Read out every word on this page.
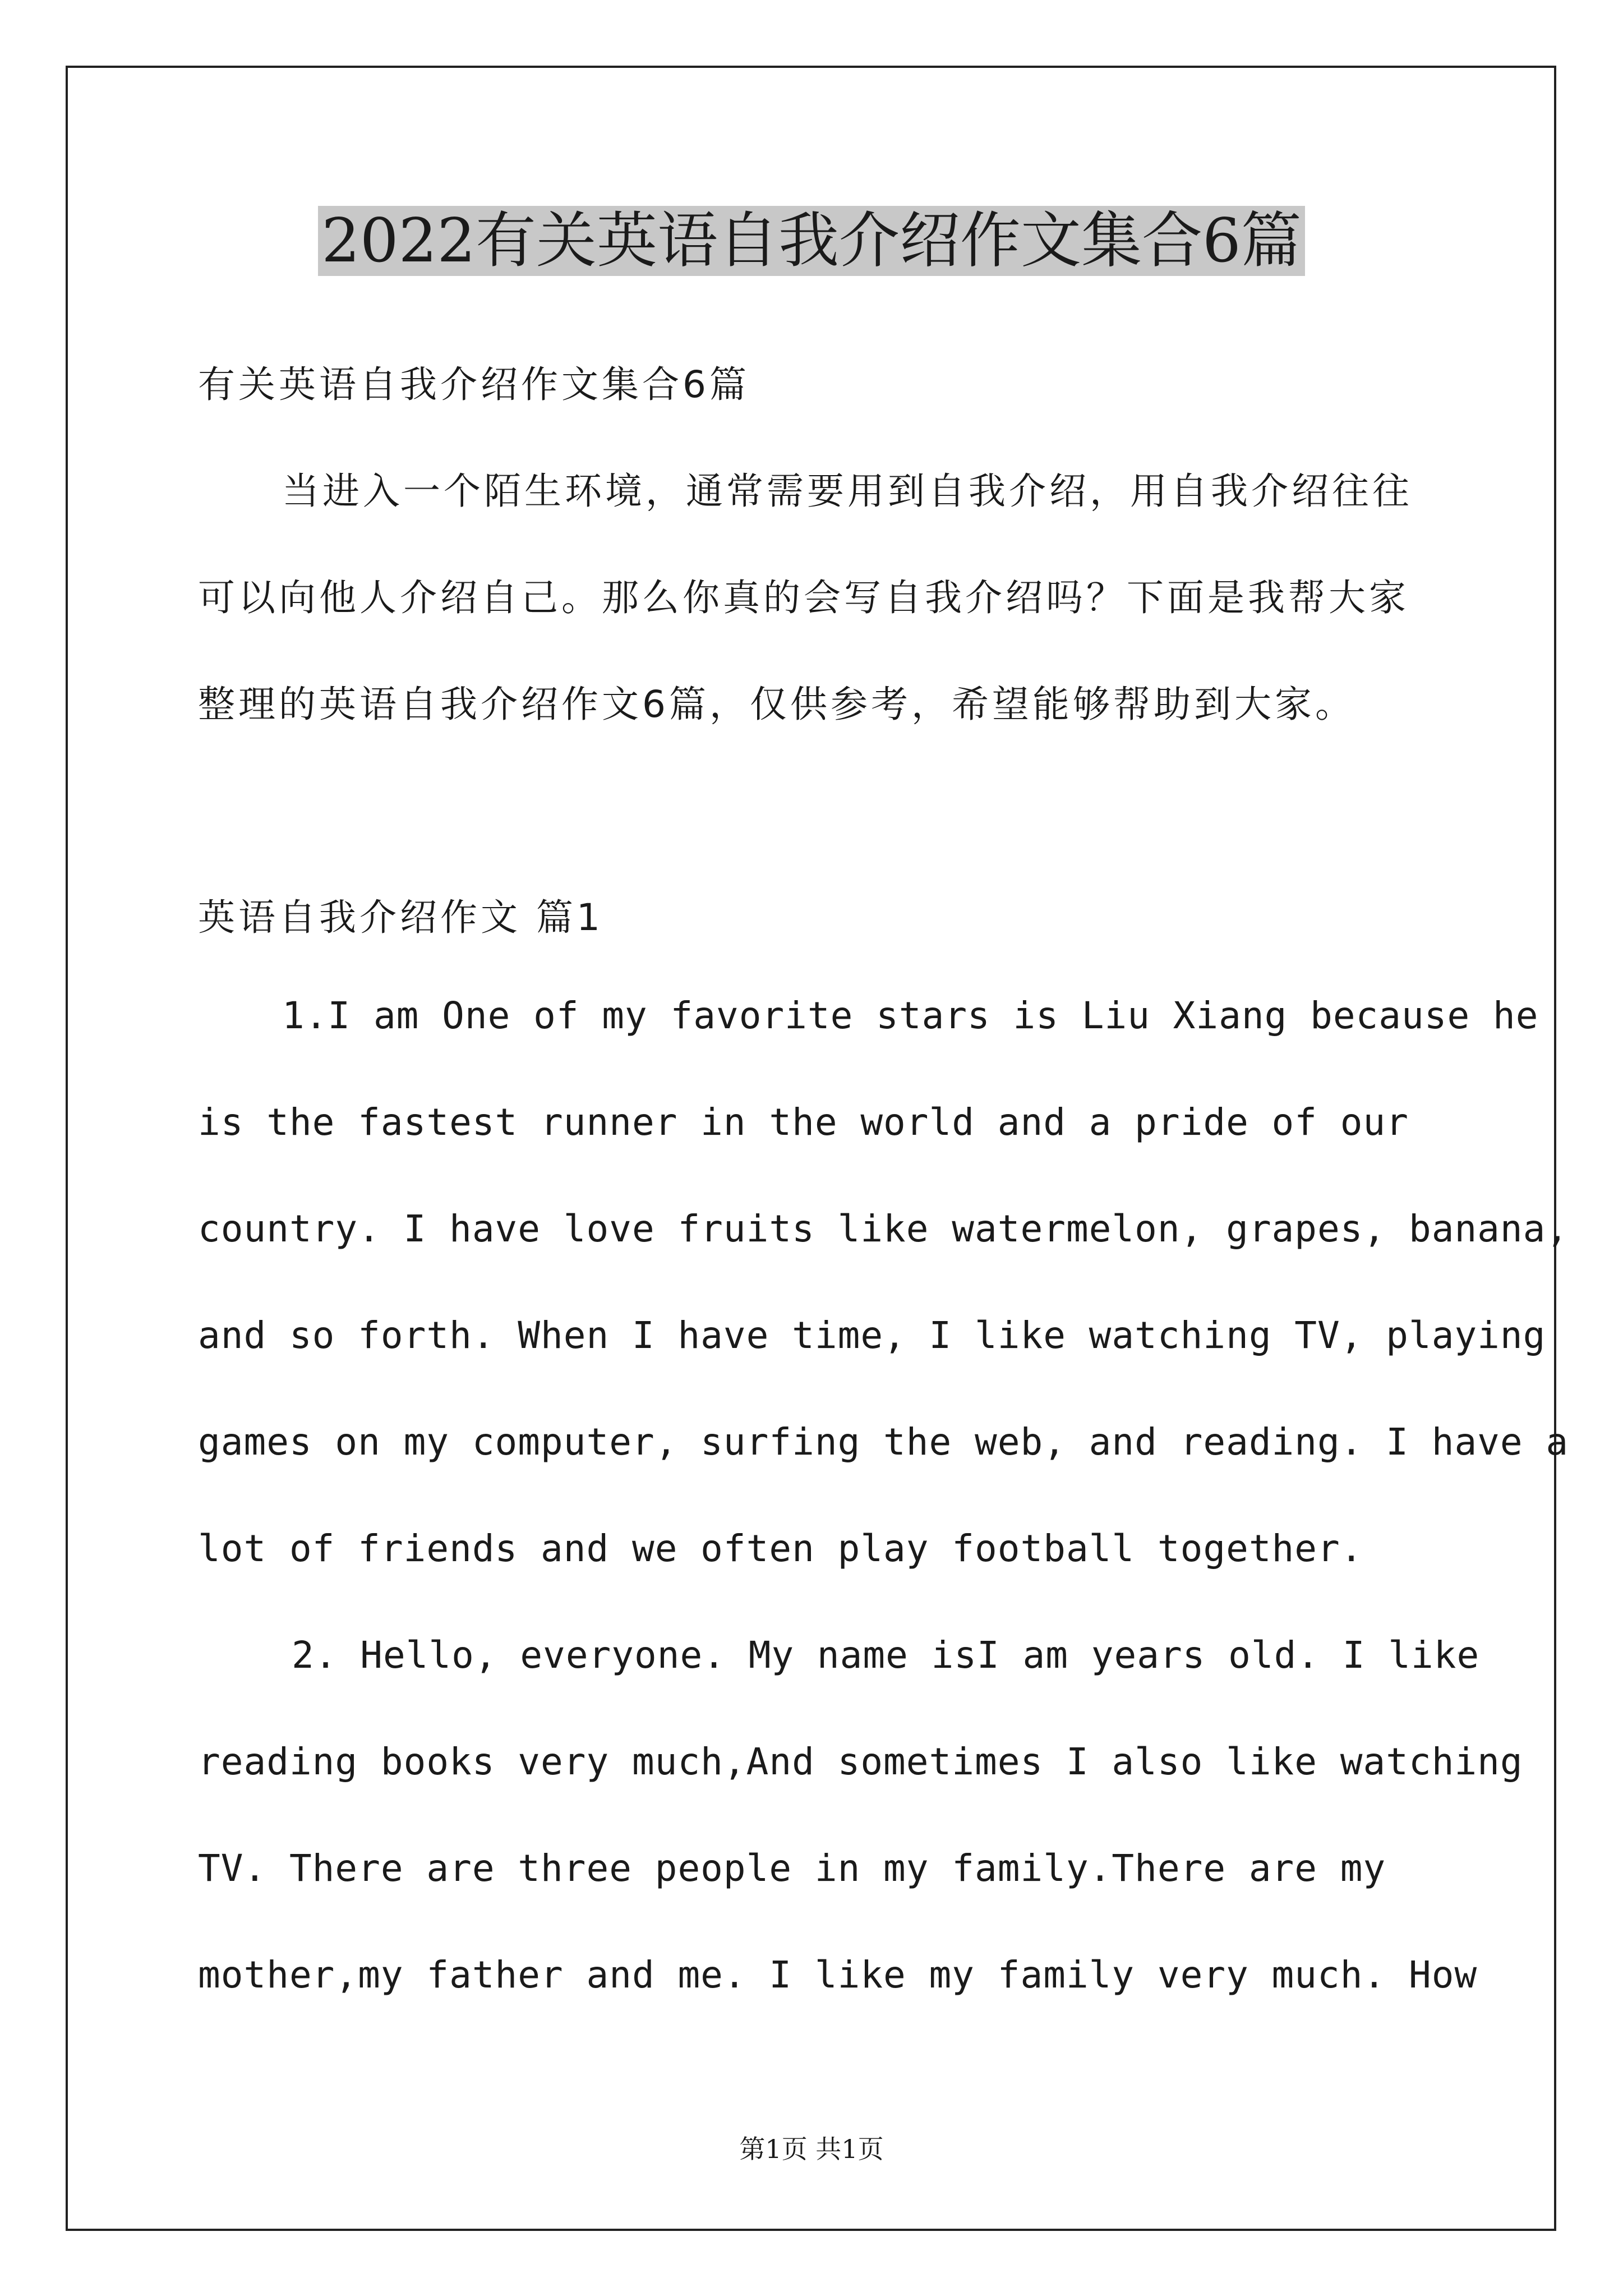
2022有关英语自我介绍作文集合6篇

有关英语自我介绍作文集合6篇

当进入一个陌生环境，通常需要用到自我介绍，用自我介绍往往

可以向他人介绍自己。那么你真的会写自我介绍吗？下面是我帮大家

整理的英语自我介绍作文6篇，仅供参考，希望能够帮助到大家。

英语自我介绍作文 篇1

1.I am One of my favorite stars is Liu Xiang because he

is the fastest runner in the world and a pride of our

country. I have love fruits like watermelon, grapes, banana,

and so forth. When I have time, I like watching TV, playing

games on my computer, surfing the web, and reading. I have a

lot of friends and we often play football together.

2. Hello, everyone. My name isI am years old. I like

reading books very much,And sometimes I also like watching

TV. There are three people in my family.There are my

mother,my father and me. I like my family very much. How

第1页 共1页
